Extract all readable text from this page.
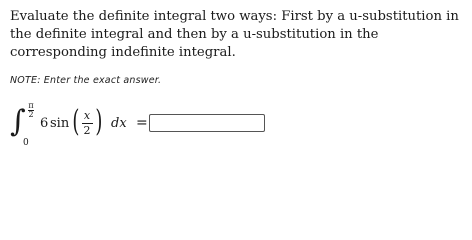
Evaluate the definite integral two ways: First by a u-substitution in the definite integral and then by a u-substitution in the corresponding indefinite integral.

NOTE: Enter the exact answer.
∫ π
2
0
6 sin ( x
2 ) dx =
